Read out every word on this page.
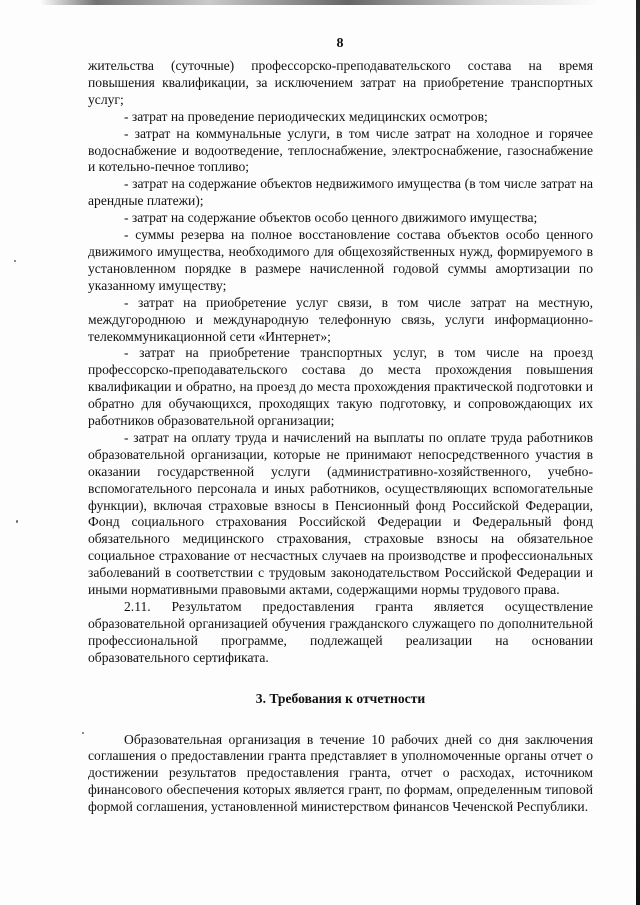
8

жительства (суточные) профессорско-преподавательского состава на время повышения квалификации, за исключением затрат на приобретение транспортных услуг;

- затрат на проведение периодических медицинских осмотров;

- затрат на коммунальные услуги, в том числе затрат на холодное и горячее водоснабжение и водоотведение, теплоснабжение, электроснабжение, газоснабжение и котельно-печное топливо;

- затрат на содержание объектов недвижимого имущества (в том числе затрат на арендные платежи);

- затрат на содержание объектов особо ценного движимого имущества;

- суммы резерва на полное восстановление состава объектов особо ценного движимого имущества, необходимого для общехозяйственных нужд, формируемого в установленном порядке в размере начисленной годовой суммы амортизации по указанному имуществу;

- затрат на приобретение услуг связи, в том числе затрат на местную, междугороднюю и международную телефонную связь, услуги информационно-телекоммуникационной сети «Интернет»;

- затрат на приобретение транспортных услуг, в том числе на проезд профессорско-преподавательского состава до места прохождения повышения квалификации и обратно, на проезд до места прохождения практической подготовки и обратно для обучающихся, проходящих такую подготовку, и сопровождающих их работников образовательной организации;

- затрат на оплату труда и начислений на выплаты по оплате труда работников образовательной организации, которые не принимают непосредственного участия в оказании государственной услуги (административно-хозяйственного, учебно-вспомогательного персонала и иных работников, осуществляющих вспомогательные функции), включая страховые взносы в Пенсионный фонд Российской Федерации, Фонд социального страхования Российской Федерации и Федеральный фонд обязательного медицинского страхования, страховые взносы на обязательное социальное страхование от несчастных случаев на производстве и профессиональных заболеваний в соответствии с трудовым законодательством Российской Федерации и иными нормативными правовыми актами, содержащими нормы трудового права.

2.11. Результатом предоставления гранта является осуществление образовательной организацией обучения гражданского служащего по дополнительной профессиональной программе, подлежащей реализации на основании образовательного сертификата.

3. Требования к отчетности

Образовательная организация в течение 10 рабочих дней со дня заключения соглашения о предоставлении гранта представляет в уполномоченные органы отчет о достижении результатов предоставления гранта, отчет о расходах, источником финансового обеспечения которых является грант, по формам, определенным типовой формой соглашения, установленной министерством финансов Чеченской Республики.
